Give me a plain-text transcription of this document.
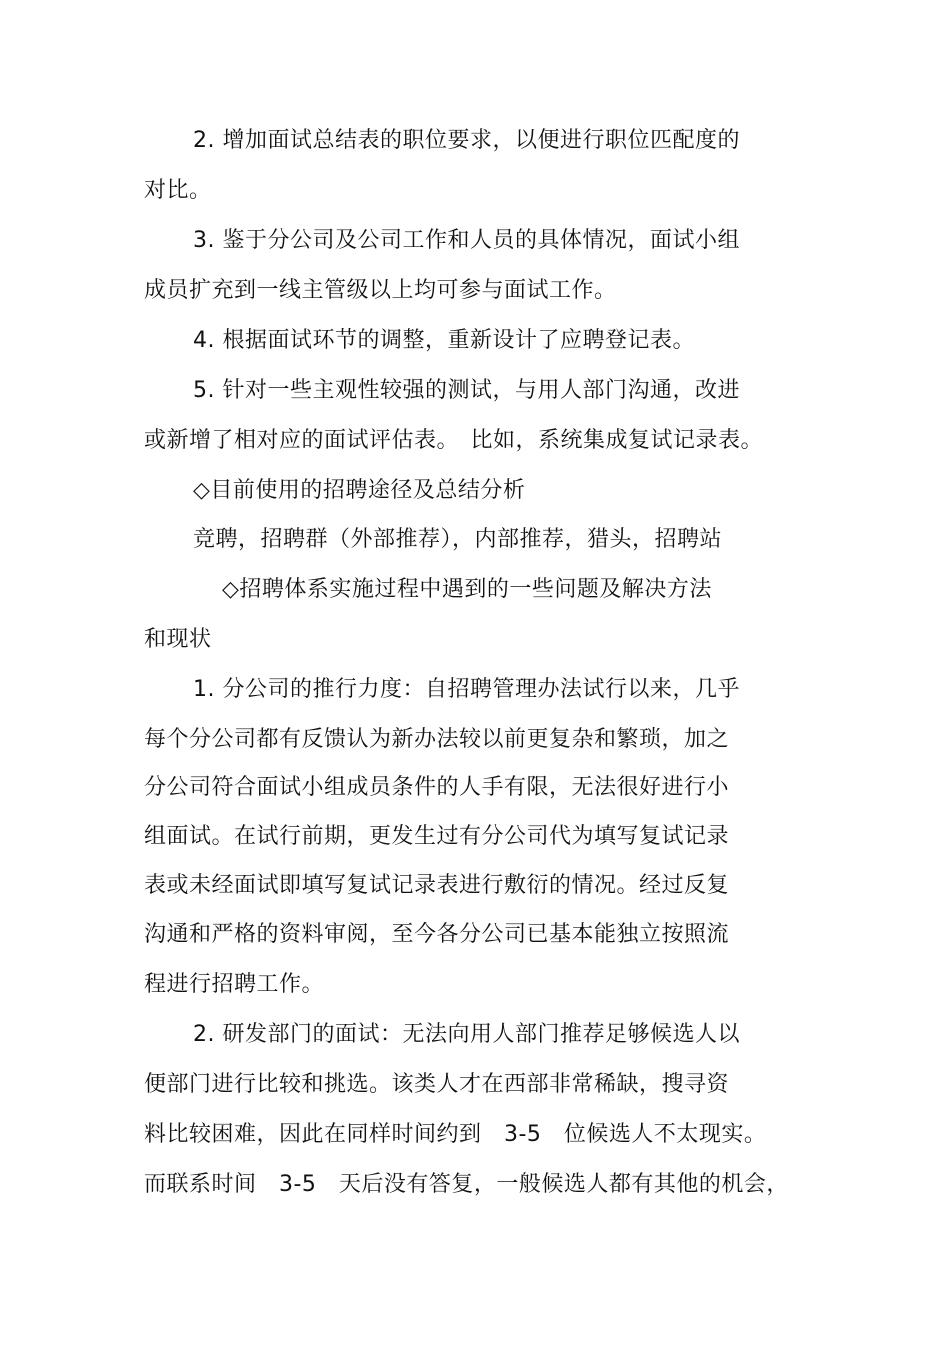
2. 增加面试总结表的职位要求，以便进行职位匹配度的
对比。
3. 鉴于分公司及公司工作和人员的具体情况，面试小组
成员扩充到一线主管级以上均可参与面试工作。
4. 根据面试环节的调整，重新设计了应聘登记表。
5. 针对一些主观性较强的测试，与用人部门沟通，改进
或新增了相对应的面试评估表。　比如，系统集成复试记录表。
◇目前使用的招聘途径及总结分析
竞聘，招聘群（外部推荐），内部推荐，猎头，招聘站
◇招聘体系实施过程中遇到的一些问题及解决方法
和现状
1. 分公司的推行力度：自招聘管理办法试行以来，几乎
每个分公司都有反馈认为新办法较以前更复杂和繁琐，加之
分公司符合面试小组成员条件的人手有限，无法很好进行小
组面试。在试行前期，更发生过有分公司代为填写复试记录
表或未经面试即填写复试记录表进行敷衍的情况。经过反复
沟通和严格的资料审阅，至今各分公司已基本能独立按照流
程进行招聘工作。
2. 研发部门的面试：无法向用人部门推荐足够候选人以
便部门进行比较和挑选。该类人才在西部非常稀缺，搜寻资
料比较困难，因此在同样时间约到　3-5　位候选人不太现实。
而联系时间　3-5　天后没有答复，一般候选人都有其他的机会，
